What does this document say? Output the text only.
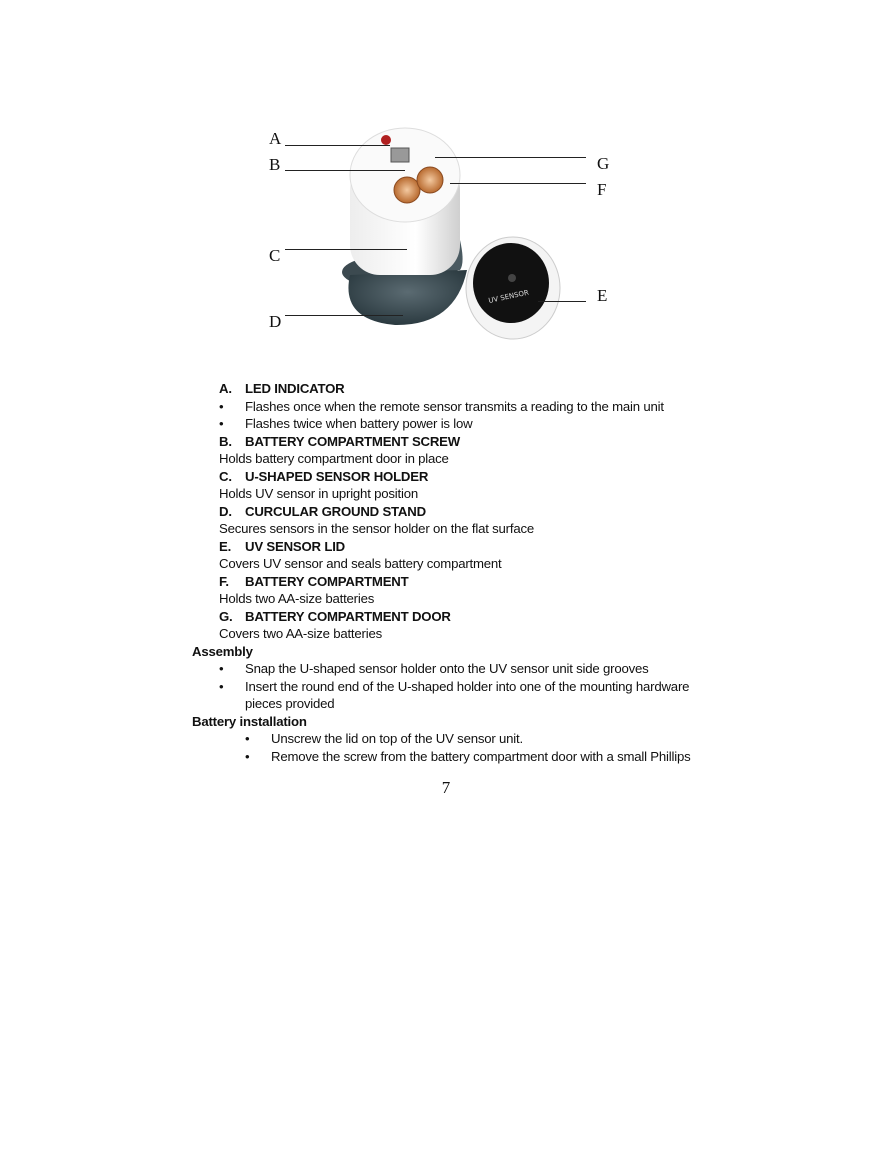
UV SENSOR
A
B
C
D
E
F
G
A. LED INDICATOR
• Flashes once when the remote sensor transmits a reading to the main unit
• Flashes twice when battery power is low
B. BATTERY COMPARTMENT SCREW
Holds battery compartment door in place
C. U-SHAPED SENSOR HOLDER
Holds UV sensor in upright position
D. CURCULAR GROUND STAND
Secures sensors in the sensor holder on the flat surface
E. UV SENSOR LID
Covers UV sensor and seals battery compartment
F. BATTERY COMPARTMENT
Holds two AA-size batteries
G. BATTERY COMPARTMENT DOOR
Covers two AA-size batteries
Assembly
• Snap the U-shaped sensor holder onto the UV sensor unit side grooves
• Insert the round end of the U-shaped holder into one of the mounting hardware pieces provided
Battery installation
• Unscrew the lid on top of the UV sensor unit.
• Remove the screw from the battery compartment door with a small Phillips
7
